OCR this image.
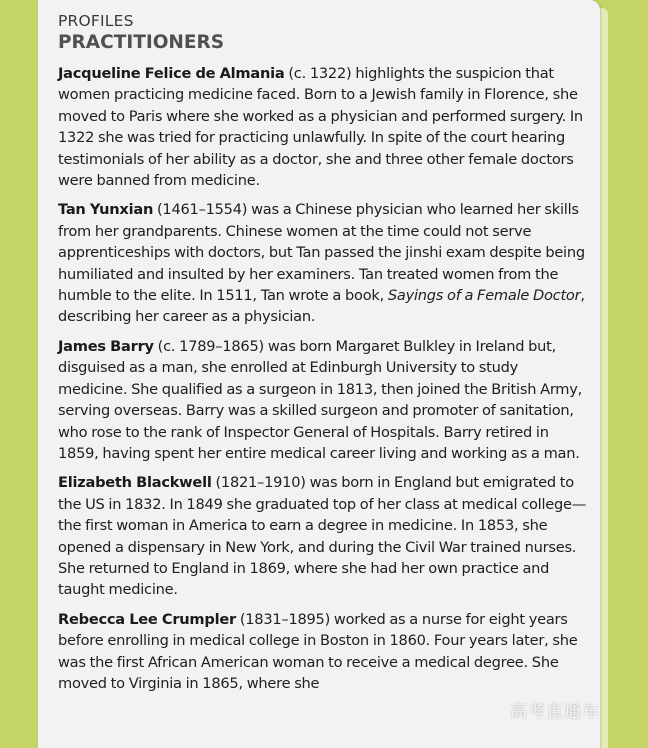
PROFILES
PRACTITIONERS

Jacqueline Felice de Almania (c. 1322) highlights the suspicion that women practicing medicine faced. Born to a Jewish family in Florence, she moved to Paris where she worked as a physician and performed surgery. In 1322 she was tried for practicing unlawfully. In spite of the court hearing testimonials of her ability as a doctor, she and three other female doctors were banned from medicine.

Tan Yunxian (1461–1554) was a Chinese physician who learned her skills from her grandparents. Chinese women at the time could not serve apprenticeships with doctors, but Tan passed the jinshi exam despite being humiliated and insulted by her examiners. Tan treated women from the humble to the elite. In 1511, Tan wrote a book, Sayings of a Female Doctor, describing her career as a physician.

James Barry (c. 1789–1865) was born Margaret Bulkley in Ireland but, disguised as a man, she enrolled at Edinburgh University to study medicine. She qualified as a surgeon in 1813, then joined the British Army, serving overseas. Barry was a skilled surgeon and promoter of sanitation, who rose to the rank of Inspector General of Hospitals. Barry retired in 1859, having spent her entire medical career living and working as a man.

Elizabeth Blackwell (1821–1910) was born in England but emigrated to the US in 1832. In 1849 she graduated top of her class at medical college—the first woman in America to earn a degree in medicine. In 1853, she opened a dispensary in New York, and during the Civil War trained nurses. She returned to England in 1869, where she had her own practice and taught medicine.

Rebecca Lee Crumpler (1831–1895) worked as a nurse for eight years before enrolling in medical college in Boston in 1860. Four years later, she was the first African American woman to receive a medical degree. She moved to Virginia in 1865, where she

高考直通车
